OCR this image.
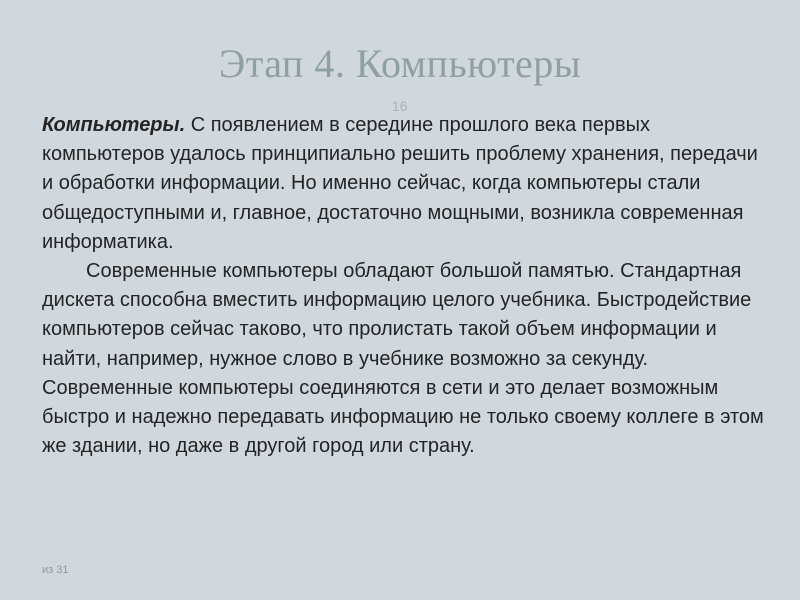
Этап 4. Компьютеры
16

Компьютеры. С появлением в середине прошлого века первых компьютеров удалось принципиально решить проблему хранения, передачи и обработки информации. Но именно сейчас, когда компьютеры стали общедоступными и, главное, достаточно мощными, возникла современная информатика.

Современные компьютеры обладают большой памятью. Стандартная дискета способна вместить информацию целого учебника. Быстродействие компьютеров сейчас таково, что пролистать такой объем информации и найти, например, нужное слово в учебнике возможно за секунду. Современные компьютеры соединяются в сети и это делает возможным быстро и надежно передавать информацию не только своему коллеге в этом же здании, но даже в другой город или страну.

из 31
